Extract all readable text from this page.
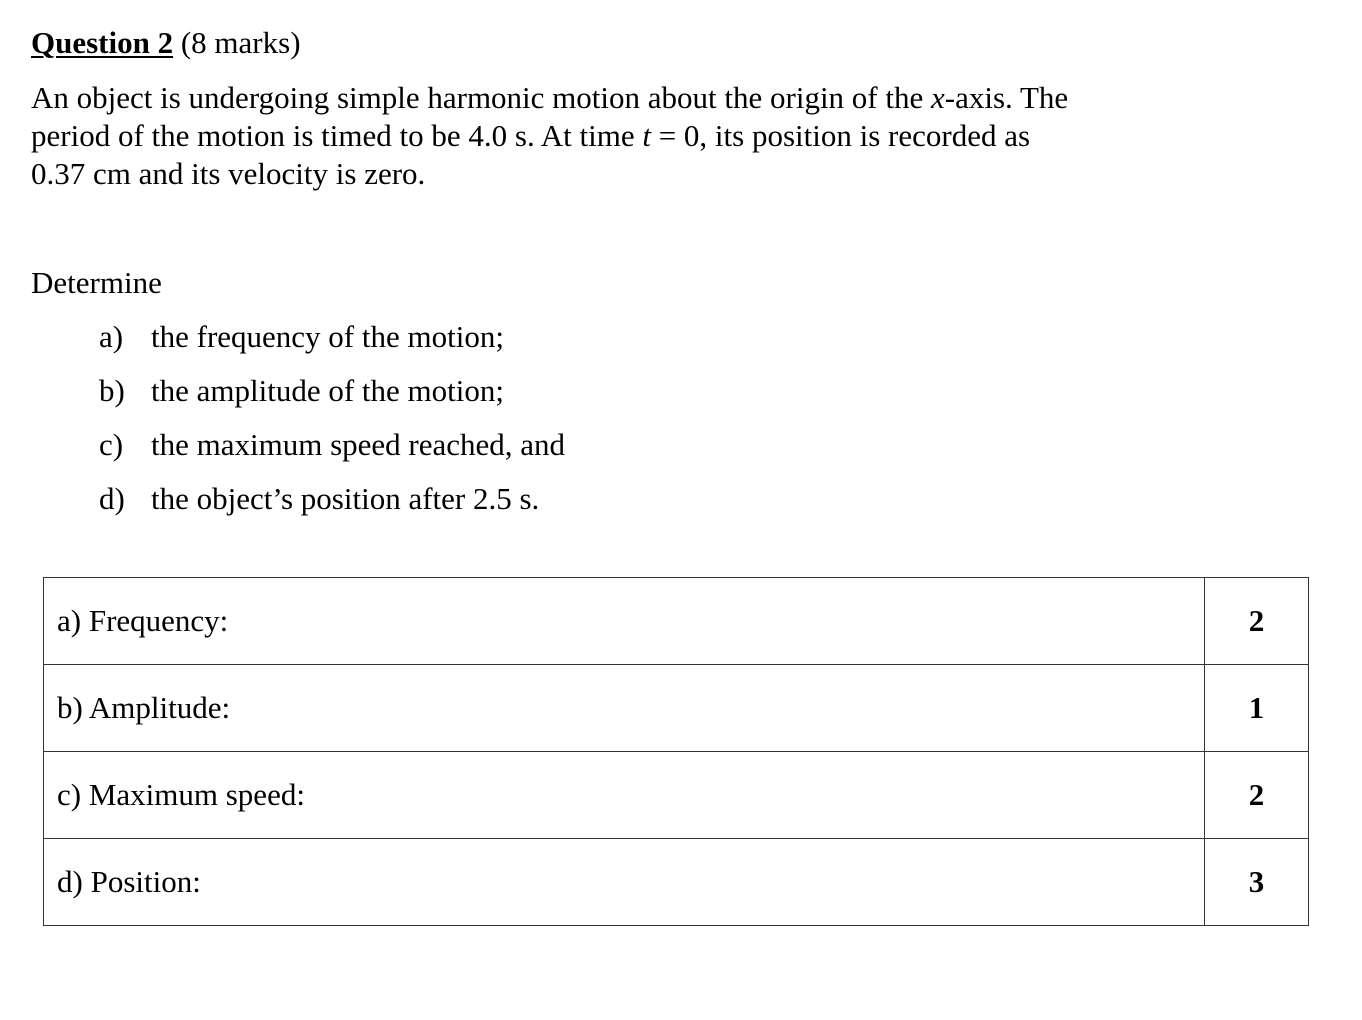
Question 2 (8 marks)
An object is undergoing simple harmonic motion about the origin of the x-axis. The
period of the motion is timed to be 4.0 s. At time t = 0, its position is recorded as
0.37 cm and its velocity is zero.
Determine
a) the frequency of the motion;
b) the amplitude of the motion;
c) the maximum speed reached, and
d) the object’s position after 2.5 s.
a) Frequency:	2
b) Amplitude:	1
c) Maximum speed:	2
d) Position:	3
